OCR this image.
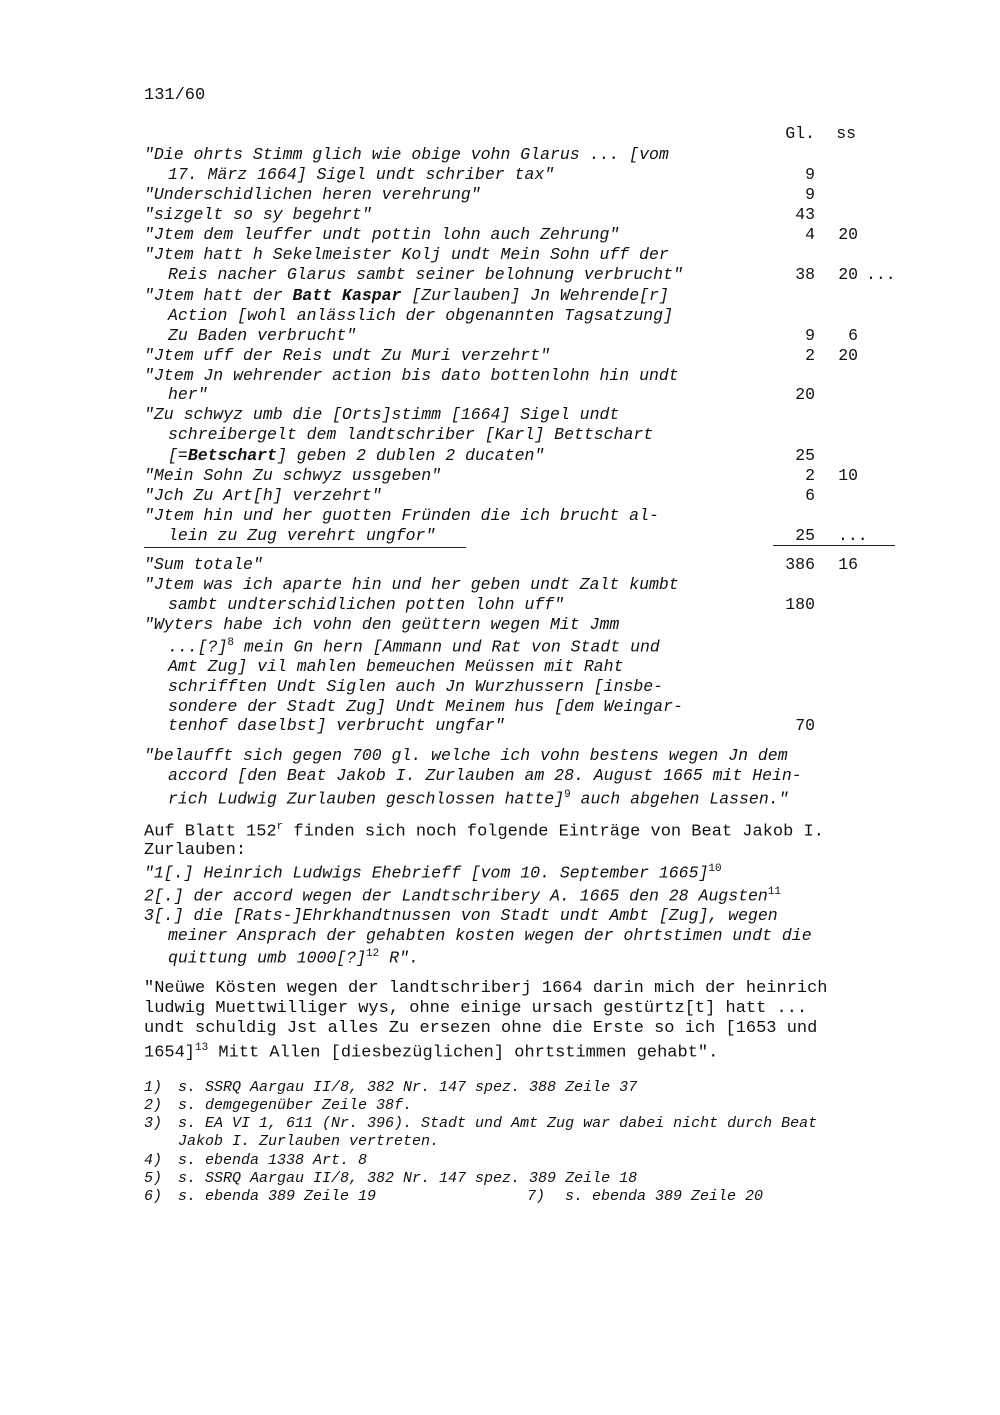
131/60
Gl.	ss
"Die ohrts Stimm glich wie obige vohn Glarus ... [vom
17. März 1664] Sigel undt schriber tax"	9
"Underschidlichen heren verehrung"	9
"sizgelt so sy begehrt"	43
"Jtem dem leuffer undt pottin lohn auch Zehrung"	4	20
"Jtem hatt h Sekelmeister Kolj undt Mein Sohn uff der
Reis nacher Glarus sambt seiner belohnung verbrucht"	38	20 ...
"Jtem hatt der Batt Kaspar [Zurlauben] Jn Wehrende[r]
Action [wohl anlässlich der obgenannten Tagsatzung]
Zu Baden verbrucht"	9	6
"Jtem uff der Reis undt Zu Muri verzehrt"	2	20
"Jtem Jn wehrender action bis dato bottenlohn hin undt
her"	20
"Zu schwyz umb die [Orts]stimm [1664] Sigel undt
schreibergelt dem landtschriber [Karl] Bettschart
[=Betschart] geben 2 dublen 2 ducaten"	25
"Mein Sohn Zu schwyz ussgeben"	2	10
"Jch Zu Art[h] verzehrt"	6
"Jtem hin und her guotten Fründen die ich brucht al-
lein zu Zug verehrt ungfor"	25 ...
"Sum totale"	386	16
"Jtem was ich aparte hin und her geben undt Zalt kumbt
sambt undterschidlichen potten lohn uff"	180
"Wyters habe ich vohn den geüttern wegen Mit Jmm
...[?]$^8$ mein Gn hern [Ammann und Rat von Stadt und
Amt Zug] vil mahlen bemeuchen Meüssen mit Raht
schrifften Undt Siglen auch Jn Wurzhussern [insbe-
sondere der Stadt Zug] Undt Meinem hus [dem Weingar-
tenhof daselbst] verbrucht ungfar"	70
"belaufft sich gegen 700 gl. welche ich vohn bestens wegen Jn dem
accord [den Beat Jakob I. Zurlauben am 28. August 1665 mit Hein-
rich Ludwig Zurlauben geschlossen hatte]$^9$ auch abgehen Lassen."
Auf Blatt 152$^r$ finden sich noch folgende Einträge von Beat Jakob I.
Zurlauben:
"1[.] Heinrich Ludwigs Ehebrieff [vom 10. September 1665]$^{10}$
2[.] der accord wegen der Landtschribery A. 1665 den 28 Augsten$^{11}$
3[.] die [Rats-]Ehrkhandtnussen von Stadt undt Ambt [Zug], wegen
meiner Ansprach der gehabten kosten wegen der ohrtstimen undt die
quittung umb 1000[?]$^{12}$ R".
"Neüwe Kösten wegen der landtschriberj 1664 darin mich der heinrich
ludwig Muettwilliger wys, ohne einige ursach gestürtz[t] hatt ...
undt schuldig Jst alles Zu ersezen ohne die Erste so ich [1653 und
1654]$^{13}$ Mitt Allen [diesbezüglichen] ohrtstimmen gehabt".
1) s. SSRQ Aargau II/8, 382 Nr. 147 spez. 388 Zeile 37
2) s. demgegenüber Zeile 38f.
3) s. EA VI 1, 611 (Nr. 396). Stadt und Amt Zug war dabei nicht durch Beat
Jakob I. Zurlauben vertreten.
4) s. ebenda 1338 Art. 8
5) s. SSRQ Aargau II/8, 382 Nr. 147 spez. 389 Zeile 18
6) s. ebenda 389 Zeile 19	7) s. ebenda 389 Zeile 20
